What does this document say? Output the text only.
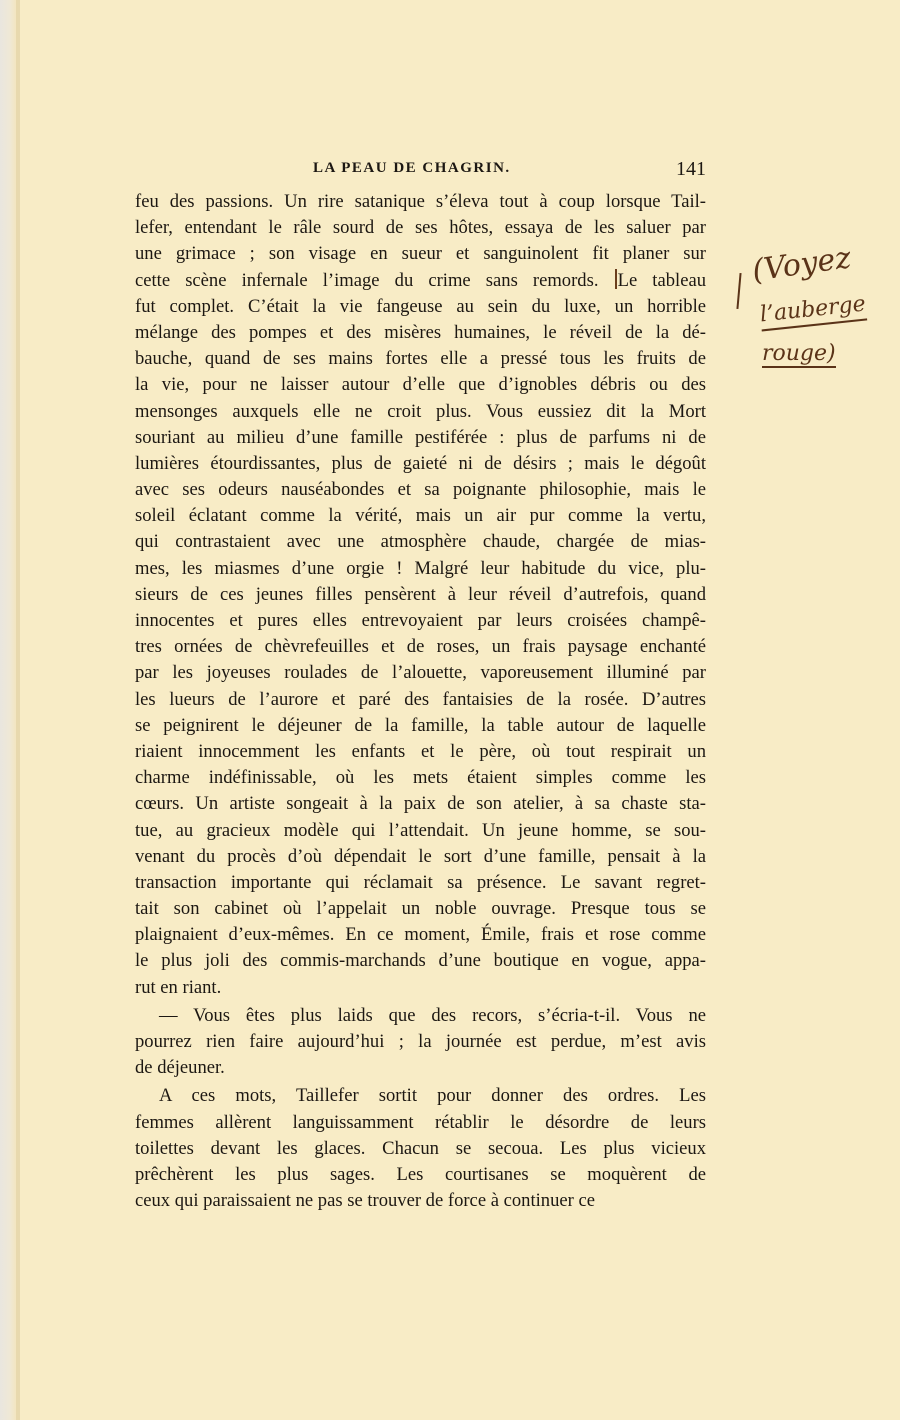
LA PEAU DE CHAGRIN.	141
feu des passions. Un rire satanique s’éleva tout à coup lorsque Tail-
lefer, entendant le râle sourd de ses hôtes, essaya de les saluer par
une grimace ; son visage en sueur et sanguinolent fit planer sur
cette scène infernale l’image du crime sans remords. Le tableau
fut complet. C’était la vie fangeuse au sein du luxe, un horrible
mélange des pompes et des misères humaines, le réveil de la dé-
bauche, quand de ses mains fortes elle a pressé tous les fruits de
la vie, pour ne laisser autour d’elle que d’ignobles débris ou des
mensonges auxquels elle ne croit plus. Vous eussiez dit la Mort
souriant au milieu d’une famille pestiférée : plus de parfums ni de
lumières étourdissantes, plus de gaieté ni de désirs ; mais le dégoût
avec ses odeurs nauséabondes et sa poignante philosophie, mais le
soleil éclatant comme la vérité, mais un air pur comme la vertu,
qui contrastaient avec une atmosphère chaude, chargée de mias-
mes, les miasmes d’une orgie ! Malgré leur habitude du vice, plu-
sieurs de ces jeunes filles pensèrent à leur réveil d’autrefois, quand
innocentes et pures elles entrevoyaient par leurs croisées champê-
tres ornées de chèvrefeuilles et de roses, un frais paysage enchanté
par les joyeuses roulades de l’alouette, vaporeusement illuminé par
les lueurs de l’aurore et paré des fantaisies de la rosée. D’autres
se peignirent le déjeuner de la famille, la table autour de laquelle
riaient innocemment les enfants et le père, où tout respirait un
charme indéfinissable, où les mets étaient simples comme les
cœurs. Un artiste songeait à la paix de son atelier, à sa chaste sta-
tue, au gracieux modèle qui l’attendait. Un jeune homme, se sou-
venant du procès d’où dépendait le sort d’une famille, pensait à la
transaction importante qui réclamait sa présence. Le savant regret-
tait son cabinet où l’appelait un noble ouvrage. Presque tous se
plaignaient d’eux-mêmes. En ce moment, Émile, frais et rose comme
le plus joli des commis-marchands d’une boutique en vogue, appa-
rut en riant.
— Vous êtes plus laids que des recors, s’écria-t-il. Vous ne
pourrez rien faire aujourd’hui ; la journée est perdue, m’est avis
de déjeuner.
A ces mots, Taillefer sortit pour donner des ordres. Les
femmes allèrent languissamment rétablir le désordre de leurs
toilettes devant les glaces. Chacun se secoua. Les plus vicieux
prêchèrent les plus sages. Les courtisanes se moquèrent de
ceux qui paraissaient ne pas se trouver de force à continuer ce
(Voyez
l’auberge
rouge)
